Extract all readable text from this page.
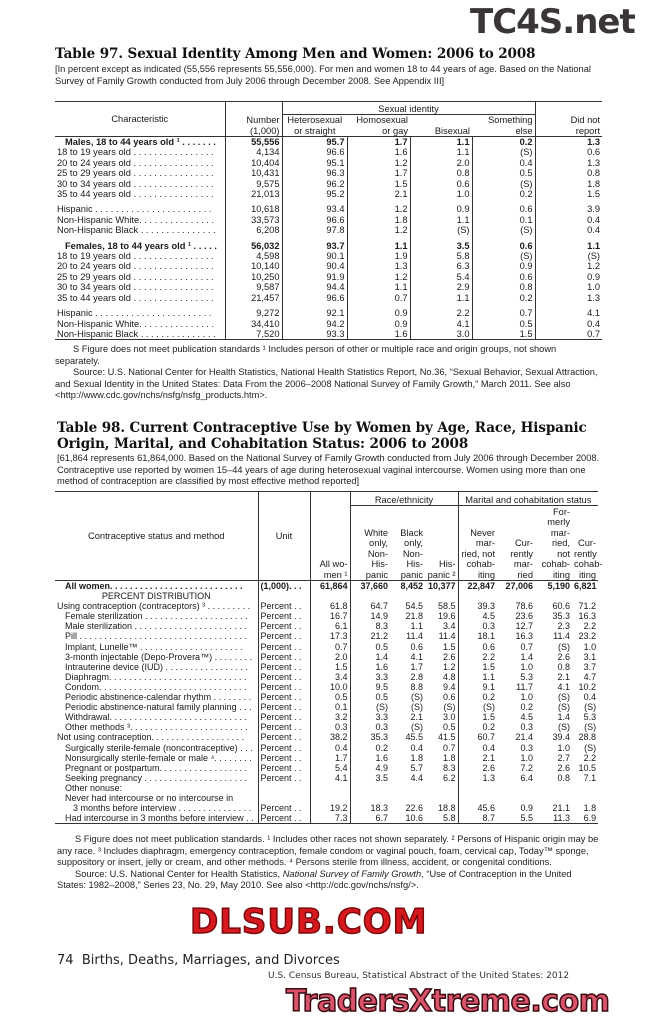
TC4S.net
Table 97. Sexual Identity Among Men and Women: 2006 to 2008
[In percent except as indicated (55,556 represents 55,556,000). For men and women 18 to 44 years of age. Based on the National Survey of Family Growth conducted from July 2006 through December 2008. See Appendix III]
Characteristic	Number (1,000)	Sexual identity				Did not report
		Heterosexual or straight	Homosexual or gay	Bisexual	Something else	
Males, 18 to 44 years old ¹ . . . . . . .	55,556	95.7	1.7	1.1	0.2	1.3
18 to 19 years old . . . . . . . . . . . . . . . .	4,134	96.6	1.6	1.1	(S)	0.6
20 to 24 years old . . . . . . . . . . . . . . . .	10,404	95.1	1.2	2.0	0.4	1.3
25 to 29 years old . . . . . . . . . . . . . . . .	10,431	96.3	1.7	0.8	0.5	0.8
30 to 34 years old . . . . . . . . . . . . . . . .	9,575	96.2	1.5	0.6	(S)	1.8
35 to 44 years old . . . . . . . . . . . . . . . .	21,013	95.2	2.1	1.0	0.2	1.5

Hispanic . . . . . . . . . . . . . . . . . . . . . . .	10,618	93.4	1.2	0.9	0.6	3.9
Non-Hispanic White. . . . . . . . . . . . . . .	33,573	96.6	1.8	1.1	0.1	0.4
Non-Hispanic Black . . . . . . . . . . . . . . .	6,208	97.8	1.2	(S)	(S)	0.4

Females, 18 to 44 years old ¹ . . . . .	56,032	93.7	1.1	3.5	0.6	1.1
18 to 19 years old . . . . . . . . . . . . . . . .	4,598	90.1	1.9	5.8	(S)	(S)
20 to 24 years old . . . . . . . . . . . . . . . .	10,140	90.4	1.3	6.3	0.9	1.2
25 to 29 years old . . . . . . . . . . . . . . . .	10,250	91.9	1.2	5.4	0.6	0.9
30 to 34 years old . . . . . . . . . . . . . . . .	9,587	94.4	1.1	2.9	0.8	1.0
35 to 44 years old . . . . . . . . . . . . . . . .	21,457	96.6	0.7	1.1	0.2	1.3

Hispanic . . . . . . . . . . . . . . . . . . . . . . .	9,272	92.1	0.9	2.2	0.7	4.1
Non-Hispanic White. . . . . . . . . . . . . . .	34,410	94.2	0.9	4.1	0.5	0.4
Non-Hispanic Black . . . . . . . . . . . . . . .	7,520	93.3	1.6	3.0	1.5	0.7

S Figure does not meet publication standards ¹ Includes person of other or multiple race and origin groups, not shown separately.

Source: U.S. National Center for Health Statistics, National Health Statistics Report, No.36, “Sexual Behavior, Sexual Attraction, and Sexual Identity in the United States: Data From the 2006–2008 National Survey of Family Growth,” March 2011. See also <http://www.cdc.gov/nchs/nsfg/nsfg_products.htm>.

Table 98. Current Contraceptive Use by Women by Age, Race, Hispanic Origin, Marital, and Cohabitation Status: 2006 to 2008
[61,864 represents 61,864,000. Based on the National Survey of Family Growth conducted from July 2006 through December 2008. Contraceptive use reported by women 15–44 years of age during heterosexual vaginal intercourse. Women using more than one method of contraception are classified by most effective method reported]
Contraceptive status and method	Unit	All wo- men ¹	Race/ethnicity			Marital and cohabitation status			
			White only, Non- His- panic	Black only, Non- His- panic	His- panic ²	Never mar- ried, not cohab- iting	Cur- rently mar- ried	For- merly mar- ried, not cohab- iting	Cur- rently cohab- iting
All women. . . . . . . . . . . . . . . . . . . . . . . . . . .	(1,000). . .	61,864	37,660	8,452	10,377	22,847	27,006	5,190	6,821
PERCENT DISTRIBUTION									
Using contraception (contraceptors) ³ . . . . . . . . .	Percent . .	61.8	64.7	54.5	58.5	39.3	78.6	60.6	71.2
Female sterilization . . . . . . . . . . . . . . . . . . . . .	Percent . .	16.7	14.9	21.8	19.6	4.5	23.6	35.3	16.3
Male sterilization . . . . . . . . . . . . . . . . . . . . . . .	Percent . .	6.1	8.3	1.1	3.4	0.3	12.7	2.3	2.2
Pill . . . . . . . . . . . . . . . . . . . . . . . . . . . . . . . . . .	Percent . .	17.3	21.2	11.4	11.4	18.1	16.3	11.4	23.2
Implant, Lunelle™ . . . . . . . . . . . . . . . . . . . . .	Percent . .	0.7	0.5	0.6	1.5	0.6	0.7	(S)	1.0
3-month injectable (Depo-Provera™) . . . . . . . .	Percent . .	2.0	1.4	4.1	2.6	2.2	1.4	2.6	3.1
Intrauterine device (IUD) . . . . . . . . . . . . . . . . .	Percent . .	1.5	1.6	1.7	1.2	1.5	1.0	0.8	3.7
Diaphragm. . . . . . . . . . . . . . . . . . . . . . . . . . . .	Percent . .	3.4	3.3	2.8	4.8	1.1	5.3	2.1	4.7
Condom. . . . . . . . . . . . . . . . . . . . . . . . . . . . . .	Percent . .	10.0	9.5	8.8	9.4	9.1	11.7	4.1	10.2
Periodic abstinence-calendar rhythm . . . . . . . .	Percent . .	0.5	0.5	(S)	0.6	0.2	1.0	(S)	0.4
Periodic abstinence-natural family planning . . .	Percent . .	0.1	(S)	(S)	(S)	(S)	0.2	(S)	(S)
Withdrawal. . . . . . . . . . . . . . . . . . . . . . . . . . . .	Percent . .	3.2	3.3	2.1	3.0	1.5	4.5	1.4	5.3
Other methods ³. . . . . . . . . . . . . . . . . . . . . . . .	Percent . .	0.3	0.3	(S)	0.5	0.2	0.3	(S)	(S)
Not using contraception. . . . . . . . . . . . . . . . . . .	Percent . .	38.2	35.3	45.5	41.5	60.7	21.4	39.4	28.8
Surgically sterile-female (noncontraceptive) . . .	Percent . .	0.4	0.2	0.4	0.7	0.4	0.3	1.0	(S)
Nonsurgically sterile-female or male ⁴. . . . . . . .	Percent . .	1.7	1.6	1.8	1.8	2.1	1.0	2.7	2.2
Pregnant or postpartum. . . . . . . . . . . . . . . . . .	Percent . .	5.4	4.9	5.7	8.3	2.6	7.2	2.6	10.5
Seeking pregnancy . . . . . . . . . . . . . . . . . . . . .	Percent . .	4.1	3.5	4.4	6.2	1.3	6.4	0.8	7.1
Other nonuse:									
Never had intercourse or no intercourse in									
3 months before interview . . . . . . . . . . . . . . .	Percent . .	19.2	18.3	22.6	18.8	45.6	0.9	21.1	1.8
Had intercourse in 3 months before interview . .	Percent . .	7.3	6.7	10.6	5.8	8.7	5.5	11.3	6.9

S Figure does not meet publication standards. ¹ Includes other races not shown separately. ² Persons of Hispanic origin may be any race. ³ Includes diaphragm, emergency contraception, female condom or vaginal pouch, foam, cervical cap, Today™ sponge, suppository or insert, jelly or cream, and other methods. ⁴ Persons sterile from illness, accident, or congenital conditions.

Source: U.S. National Center for Health Statistics, National Survey of Family Growth, “Use of Contraception in the United States: 1982–2008,” Series 23, No. 29, May 2010. See also <http://cdc.gov/nchs/nsfg/>.

DLSUB.COM
74 Births, Deaths, Marriages, and Divorces
U.S. Census Bureau, Statistical Abstract of the United States: 2012
TradersXtreme.com
